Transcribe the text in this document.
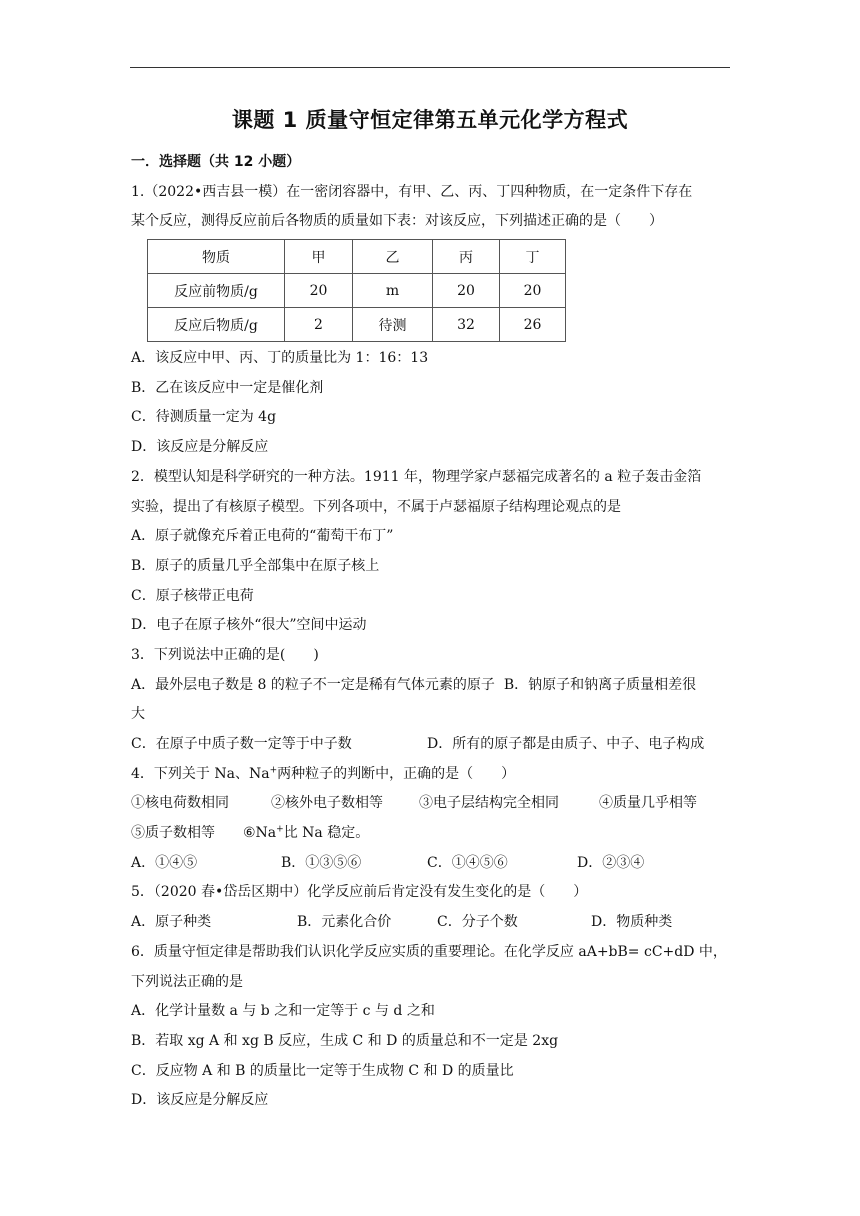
课题 1 质量守恒定律第五单元化学方程式
一．选择题（共 12 小题）
1.（2022•西吉县一模）在一密闭容器中，有甲、乙、丙、丁四种物质，在一定条件下存在
某个反应，测得反应前后各物质的质量如下表：对该反应，下列描述正确的是（　　）
物质	甲	乙	丙	丁
反应前物质/g	20	m	20	20
反应后物质/g	2	待测	32	26
A．该反应中甲、丙、丁的质量比为 1：16：13
B．乙在该反应中一定是催化剂
C．待测质量一定为 4g
D．该反应是分解反应
2．模型认知是科学研究的一种方法。1911 年，物理学家卢瑟福完成著名的 a 粒子轰击金箔
实验，提出了有核原子模型。下列各项中，不属于卢瑟福原子结构理论观点的是
A．原子就像充斥着正电荷的“葡萄干布丁”
B．原子的质量几乎全部集中在原子核上
C．原子核带正电荷
D．电子在原子核外“很大”空间中运动
3．下列说法中正确的是(　　)
A．最外层电子数是 8 的粒子不一定是稀有气体元素的原子  B．钠原子和钠离子质量相差很
大
C．在原子中质子数一定等于中子数	D．所有的原子都是由质子、中子、电子构成
4．下列关于 Na、Na+两种粒子的判断中，正确的是（　　）
①核电荷数相同	②核外电子数相等	③电子层结构完全相同	④质量几乎相等
⑤质子数相等	⑥Na+比 Na 稳定。
A．①④⑤	B．①③⑤⑥	C．①④⑤⑥	D．②③④
5．（2020 春•岱岳区期中）化学反应前后肯定没有发生变化的是（　　）
A．原子种类	B．元素化合价	C．分子个数	D．物质种类
6．质量守恒定律是帮助我们认识化学反应实质的重要理论。在化学反应 aA+bB= cC+dD 中，
下列说法正确的是
A．化学计量数 a 与 b 之和一定等于 c 与 d 之和
B．若取 xg A 和 xg B 反应，生成 C 和 D 的质量总和不一定是 2xg
C．反应物 A 和 B 的质量比一定等于生成物 C 和 D 的质量比
D．该反应是分解反应
